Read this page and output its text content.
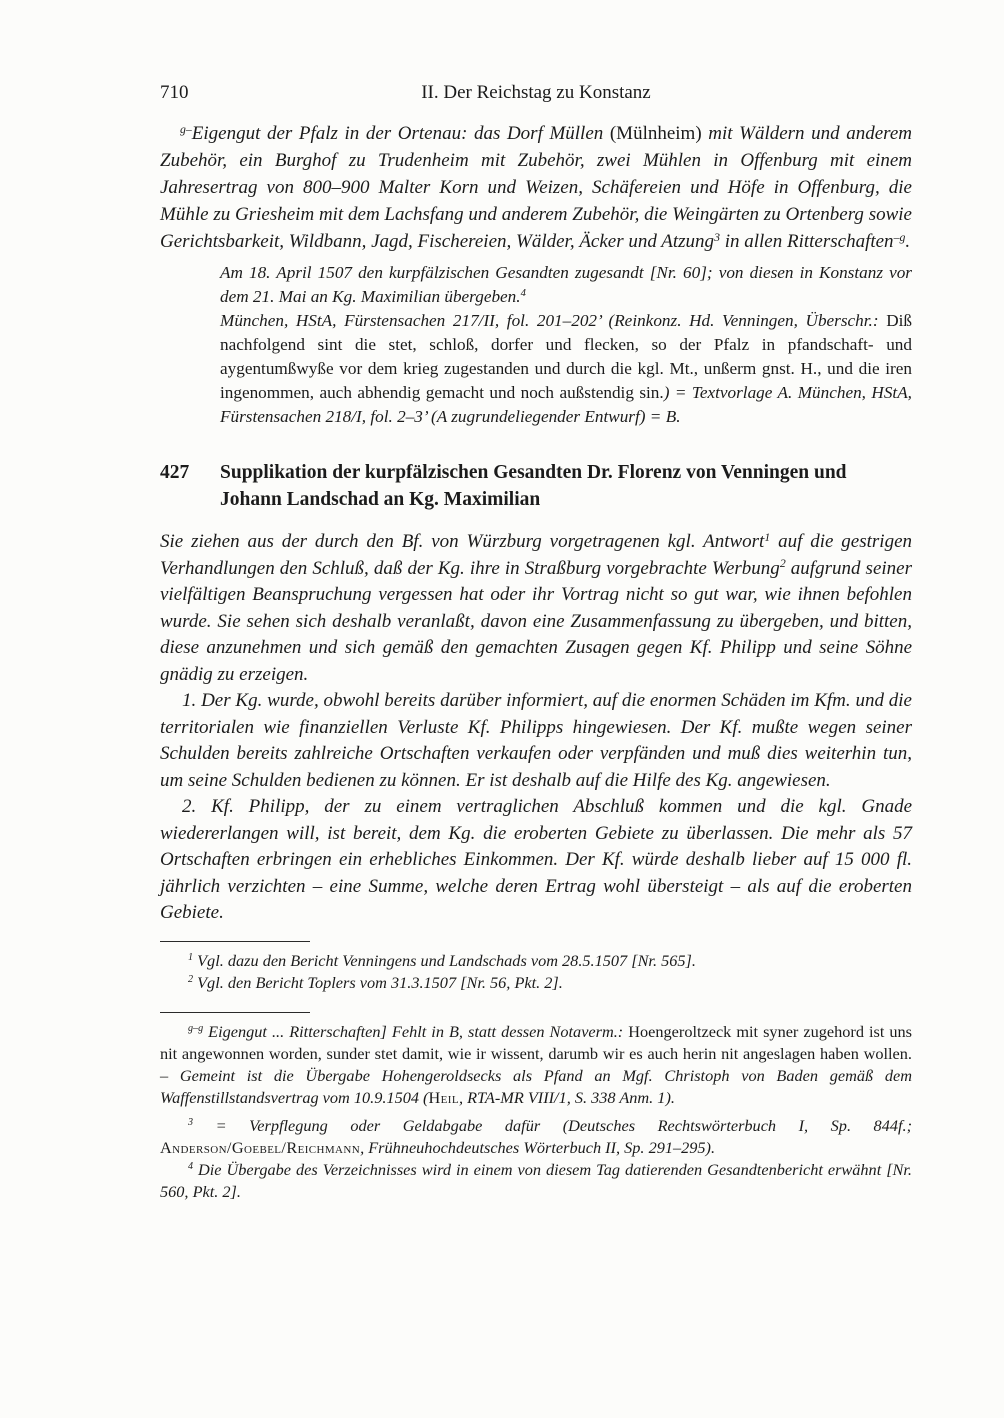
710	II. Der Reichstag zu Konstanz

$^{g-}$Eigengut der Pfalz in der Ortenau: das Dorf Müllen (Mülnheim) mit Wäldern und anderem Zubehör, ein Burghof zu Trudenheim mit Zubehör, zwei Mühlen in Offenburg mit einem Jahresertrag von 800–900 Malter Korn und Weizen, Schäfereien und Höfe in Offenburg, die Mühle zu Griesheim mit dem Lachsfang und anderem Zubehör, die Weingärten zu Ortenberg sowie Gerichtsbarkeit, Wildbann, Jagd, Fischereien, Wälder, Äcker und Atzung$^3$ in allen Ritterschaften$^{-g}$.

Am 18. April 1507 den kurpfälzischen Gesandten zugesandt [Nr. 60]; von diesen in Konstanz vor dem 21. Mai an Kg. Maximilian übergeben.$^4$

München, HStA, Fürstensachen 217/II, fol. 201–202’ (Reinkonz. Hd. Venningen, Überschr.: Diß nachfolgend sint die stet, schloß, dorfer und flecken, so der Pfalz in pfandschaft- und aygentumßwyße vor dem krieg zugestanden und durch die kgl. Mt., unßerm gnst. H., und die iren ingenommen, auch abhendig gemacht und noch außstendig sin.) = Textvorlage A. München, HStA, Fürstensachen 218/I, fol. 2–3’ (A zugrundeliegender Entwurf) = B.

427	Supplikation der kurpfälzischen Gesandten Dr. Florenz von Venningen und Johann Landschad an Kg. Maximilian

Sie ziehen aus der durch den Bf. von Würzburg vorgetragenen kgl. Antwort$^1$ auf die gestrigen Verhandlungen den Schluß, daß der Kg. ihre in Straßburg vorgebrachte Werbung$^2$ aufgrund seiner vielfältigen Beanspruchung vergessen hat oder ihr Vortrag nicht so gut war, wie ihnen befohlen wurde. Sie sehen sich deshalb veranlaßt, davon eine Zusammenfassung zu übergeben, und bitten, diese anzunehmen und sich gemäß den gemachten Zusagen gegen Kf. Philipp und seine Söhne gnädig zu erzeigen.

1. Der Kg. wurde, obwohl bereits darüber informiert, auf die enormen Schäden im Kfm. und die territorialen wie finanziellen Verluste Kf. Philipps hingewiesen. Der Kf. mußte wegen seiner Schulden bereits zahlreiche Ortschaften verkaufen oder verpfänden und muß dies weiterhin tun, um seine Schulden bedienen zu können. Er ist deshalb auf die Hilfe des Kg. angewiesen.

2. Kf. Philipp, der zu einem vertraglichen Abschluß kommen und die kgl. Gnade wiedererlangen will, ist bereit, dem Kg. die eroberten Gebiete zu überlassen. Die mehr als 57 Ortschaften erbringen ein erhebliches Einkommen. Der Kf. würde deshalb lieber auf 15 000 fl. jährlich verzichten – eine Summe, welche deren Ertrag wohl übersteigt – als auf die eroberten Gebiete.

$^1$ Vgl. dazu den Bericht Venningens und Landschads vom 28.5.1507 [Nr. 565].

$^2$ Vgl. den Bericht Toplers vom 31.3.1507 [Nr. 56, Pkt. 2].

$^{g-g}$ Eigengut ... Ritterschaften] Fehlt in B, statt dessen Notaverm.: Hoengeroltzeck mit syner zugehord ist uns nit angewonnen worden, sunder stet damit, wie ir wissent, darumb wir es auch herin nit angeslagen haben wollen. – Gemeint ist die Übergabe Hohengeroldsecks als Pfand an Mgf. Christoph von Baden gemäß dem Waffenstillstandsvertrag vom 10.9.1504 (Heil, RTA-MR VIII/1, S. 338 Anm. 1).

$^3$ = Verpflegung oder Geldabgabe dafür (Deutsches Rechtswörterbuch I, Sp. 844f.; Anderson/Goebel/Reichmann, Frühneuhochdeutsches Wörterbuch II, Sp. 291–295).

$^4$ Die Übergabe des Verzeichnisses wird in einem von diesem Tag datierenden Gesandtenbericht erwähnt [Nr. 560, Pkt. 2].
